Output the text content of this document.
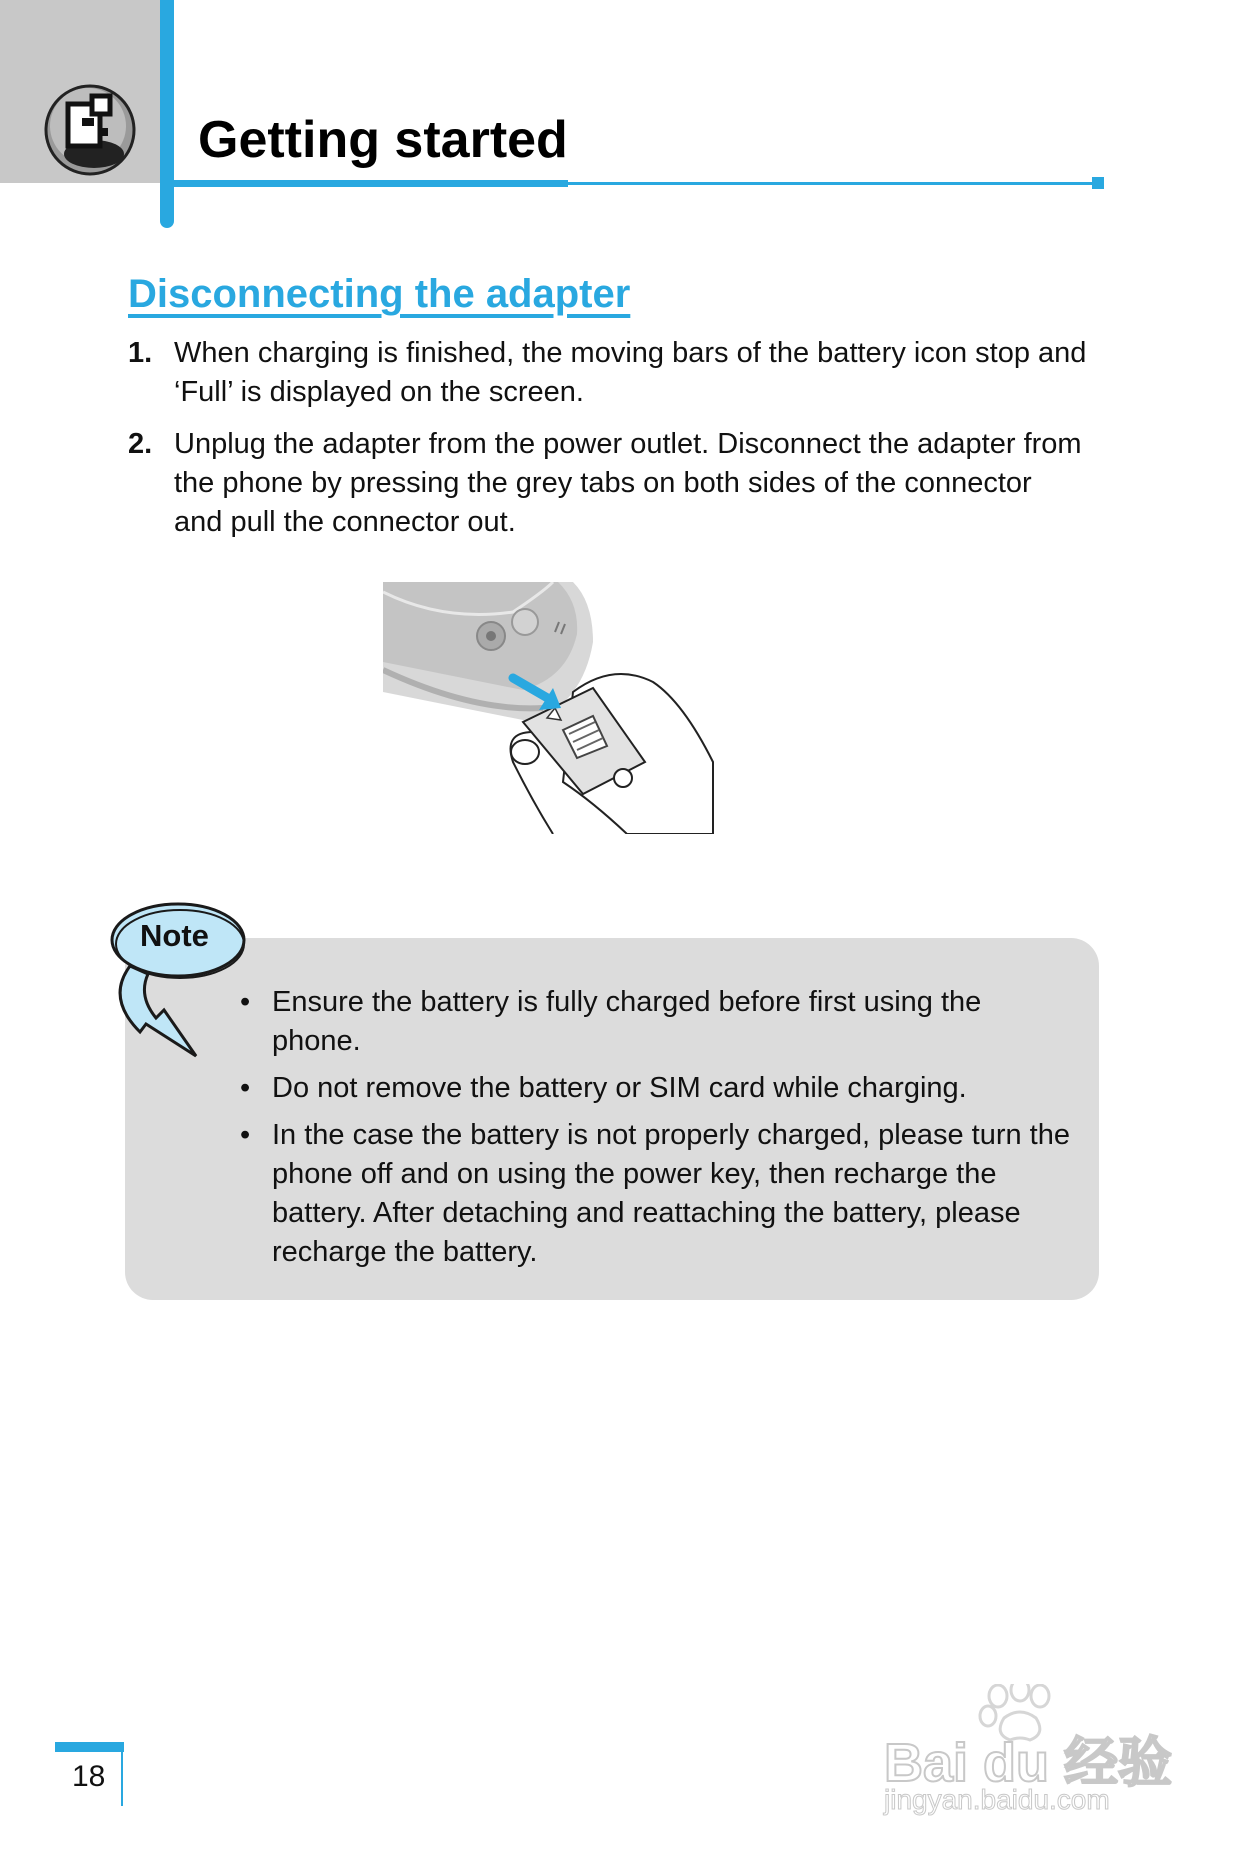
Getting started
Disconnecting the adapter
1. When charging is finished, the moving bars of the battery icon stop and ‘Full’ is displayed on the screen.
2. Unplug the adapter from the power outlet. Disconnect the adapter from the phone by pressing the grey tabs on both sides of the connector and pull the connector out.
Note
• Ensure the battery is fully charged before first using the phone.
• Do not remove the battery or SIM card while charging.
• In the case the battery is not properly charged, please turn the phone off and on using the power key, then recharge the battery. After detaching and reattaching the battery, please recharge the battery.
18	Bai du 经验
jingyan.baidu.com
